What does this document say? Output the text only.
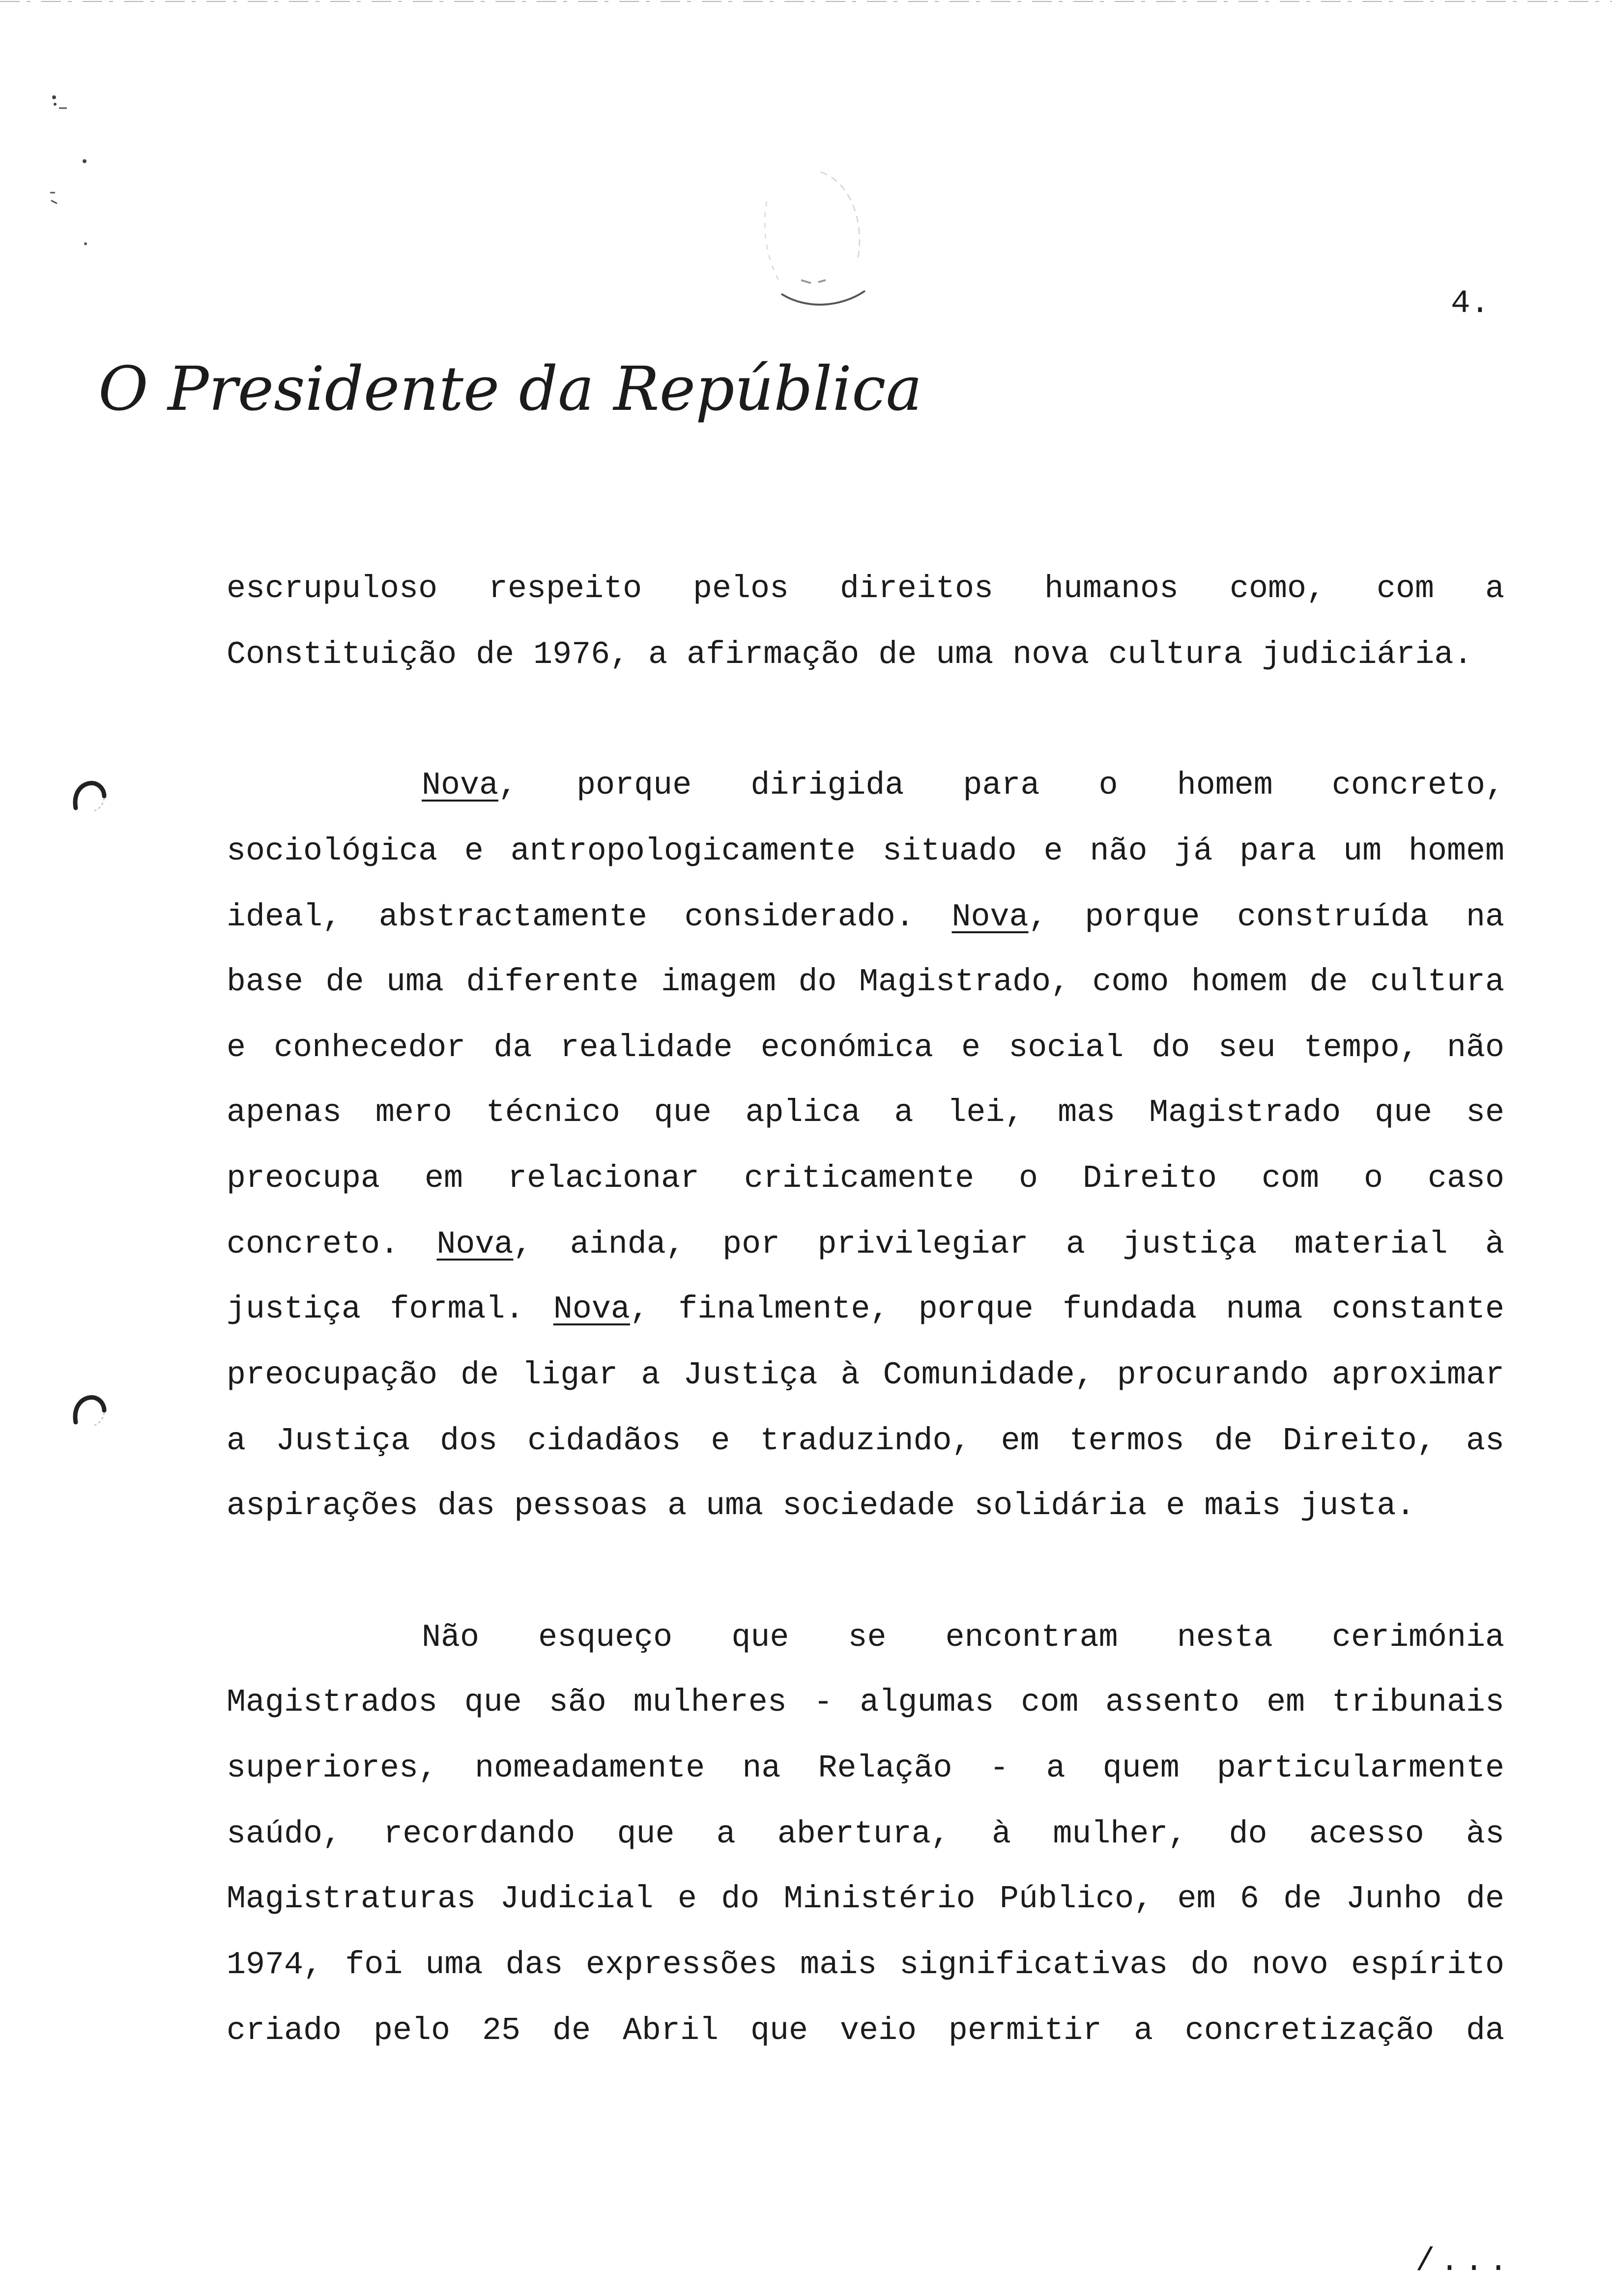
4.

O Presidente da República

escrupuloso respeito pelos direitos humanos como, com a

Constituição de 1976, a afirmação de uma nova cultura judiciária.

Nova, porque dirigida para o homem concreto,

sociológica e antropologicamente situado e não já para um homem

ideal, abstractamente considerado. Nova, porque construída na

base de uma diferente imagem do Magistrado, como homem de cultura

e conhecedor da realidade económica e social do seu tempo, não

apenas mero técnico que aplica a lei, mas Magistrado que se

preocupa em relacionar criticamente o Direito com o caso

concreto. Nova, ainda, por privilegiar a justiça material à

justiça formal. Nova, finalmente, porque fundada numa constante

preocupação de ligar a Justiça à Comunidade, procurando aproximar

a Justiça dos cidadãos e traduzindo, em termos de Direito, as

aspirações das pessoas a uma sociedade solidária e mais justa.

Não esqueço que se encontram nesta cerimónia

Magistrados que são mulheres - algumas com assento em tribunais

superiores, nomeadamente na Relação - a quem particularmente

saúdo, recordando que a abertura, à mulher, do acesso às

Magistraturas Judicial e do Ministério Público, em 6 de Junho de

1974, foi uma das expressões mais significativas do novo espírito

criado pelo 25 de Abril que veio permitir a concretização da

/...
